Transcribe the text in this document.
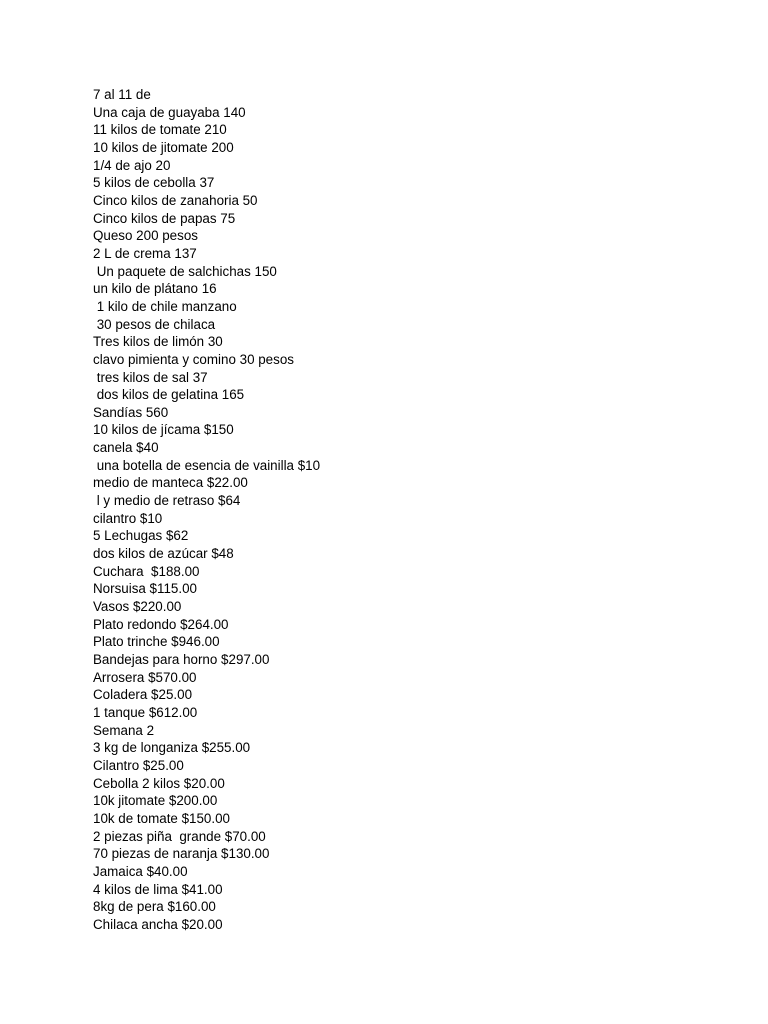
7 al 11 de
Una caja de guayaba 140
11 kilos de tomate 210
10 kilos de jitomate 200
1/4 de ajo 20
5 kilos de cebolla 37
Cinco kilos de zanahoria 50
Cinco kilos de papas 75
Queso 200 pesos
2 L de crema 137
Un paquete de salchichas 150
un kilo de plátano 16
1 kilo de chile manzano
30 pesos de chilaca
Tres kilos de limón 30
clavo pimienta y comino 30 pesos
tres kilos de sal 37
dos kilos de gelatina 165
Sandías 560
10 kilos de jícama $150
canela $40
una botella de esencia de vainilla $10
medio de manteca $22.00
l y medio de retraso $64
cilantro $10
5 Lechugas $62
dos kilos de azúcar $48
Cuchara  $188.00
Norsuisa $115.00
Vasos $220.00
Plato redondo $264.00
Plato trinche $946.00
Bandejas para horno $297.00
Arrosera $570.00
Coladera $25.00
1 tanque $612.00
Semana 2
3 kg de longaniza $255.00
Cilantro $25.00
Cebolla 2 kilos $20.00
10k jitomate $200.00
10k de tomate $150.00
2 piezas piña  grande $70.00
70 piezas de naranja $130.00
Jamaica $40.00
4 kilos de lima $41.00
8kg de pera $160.00
Chilaca ancha $20.00
